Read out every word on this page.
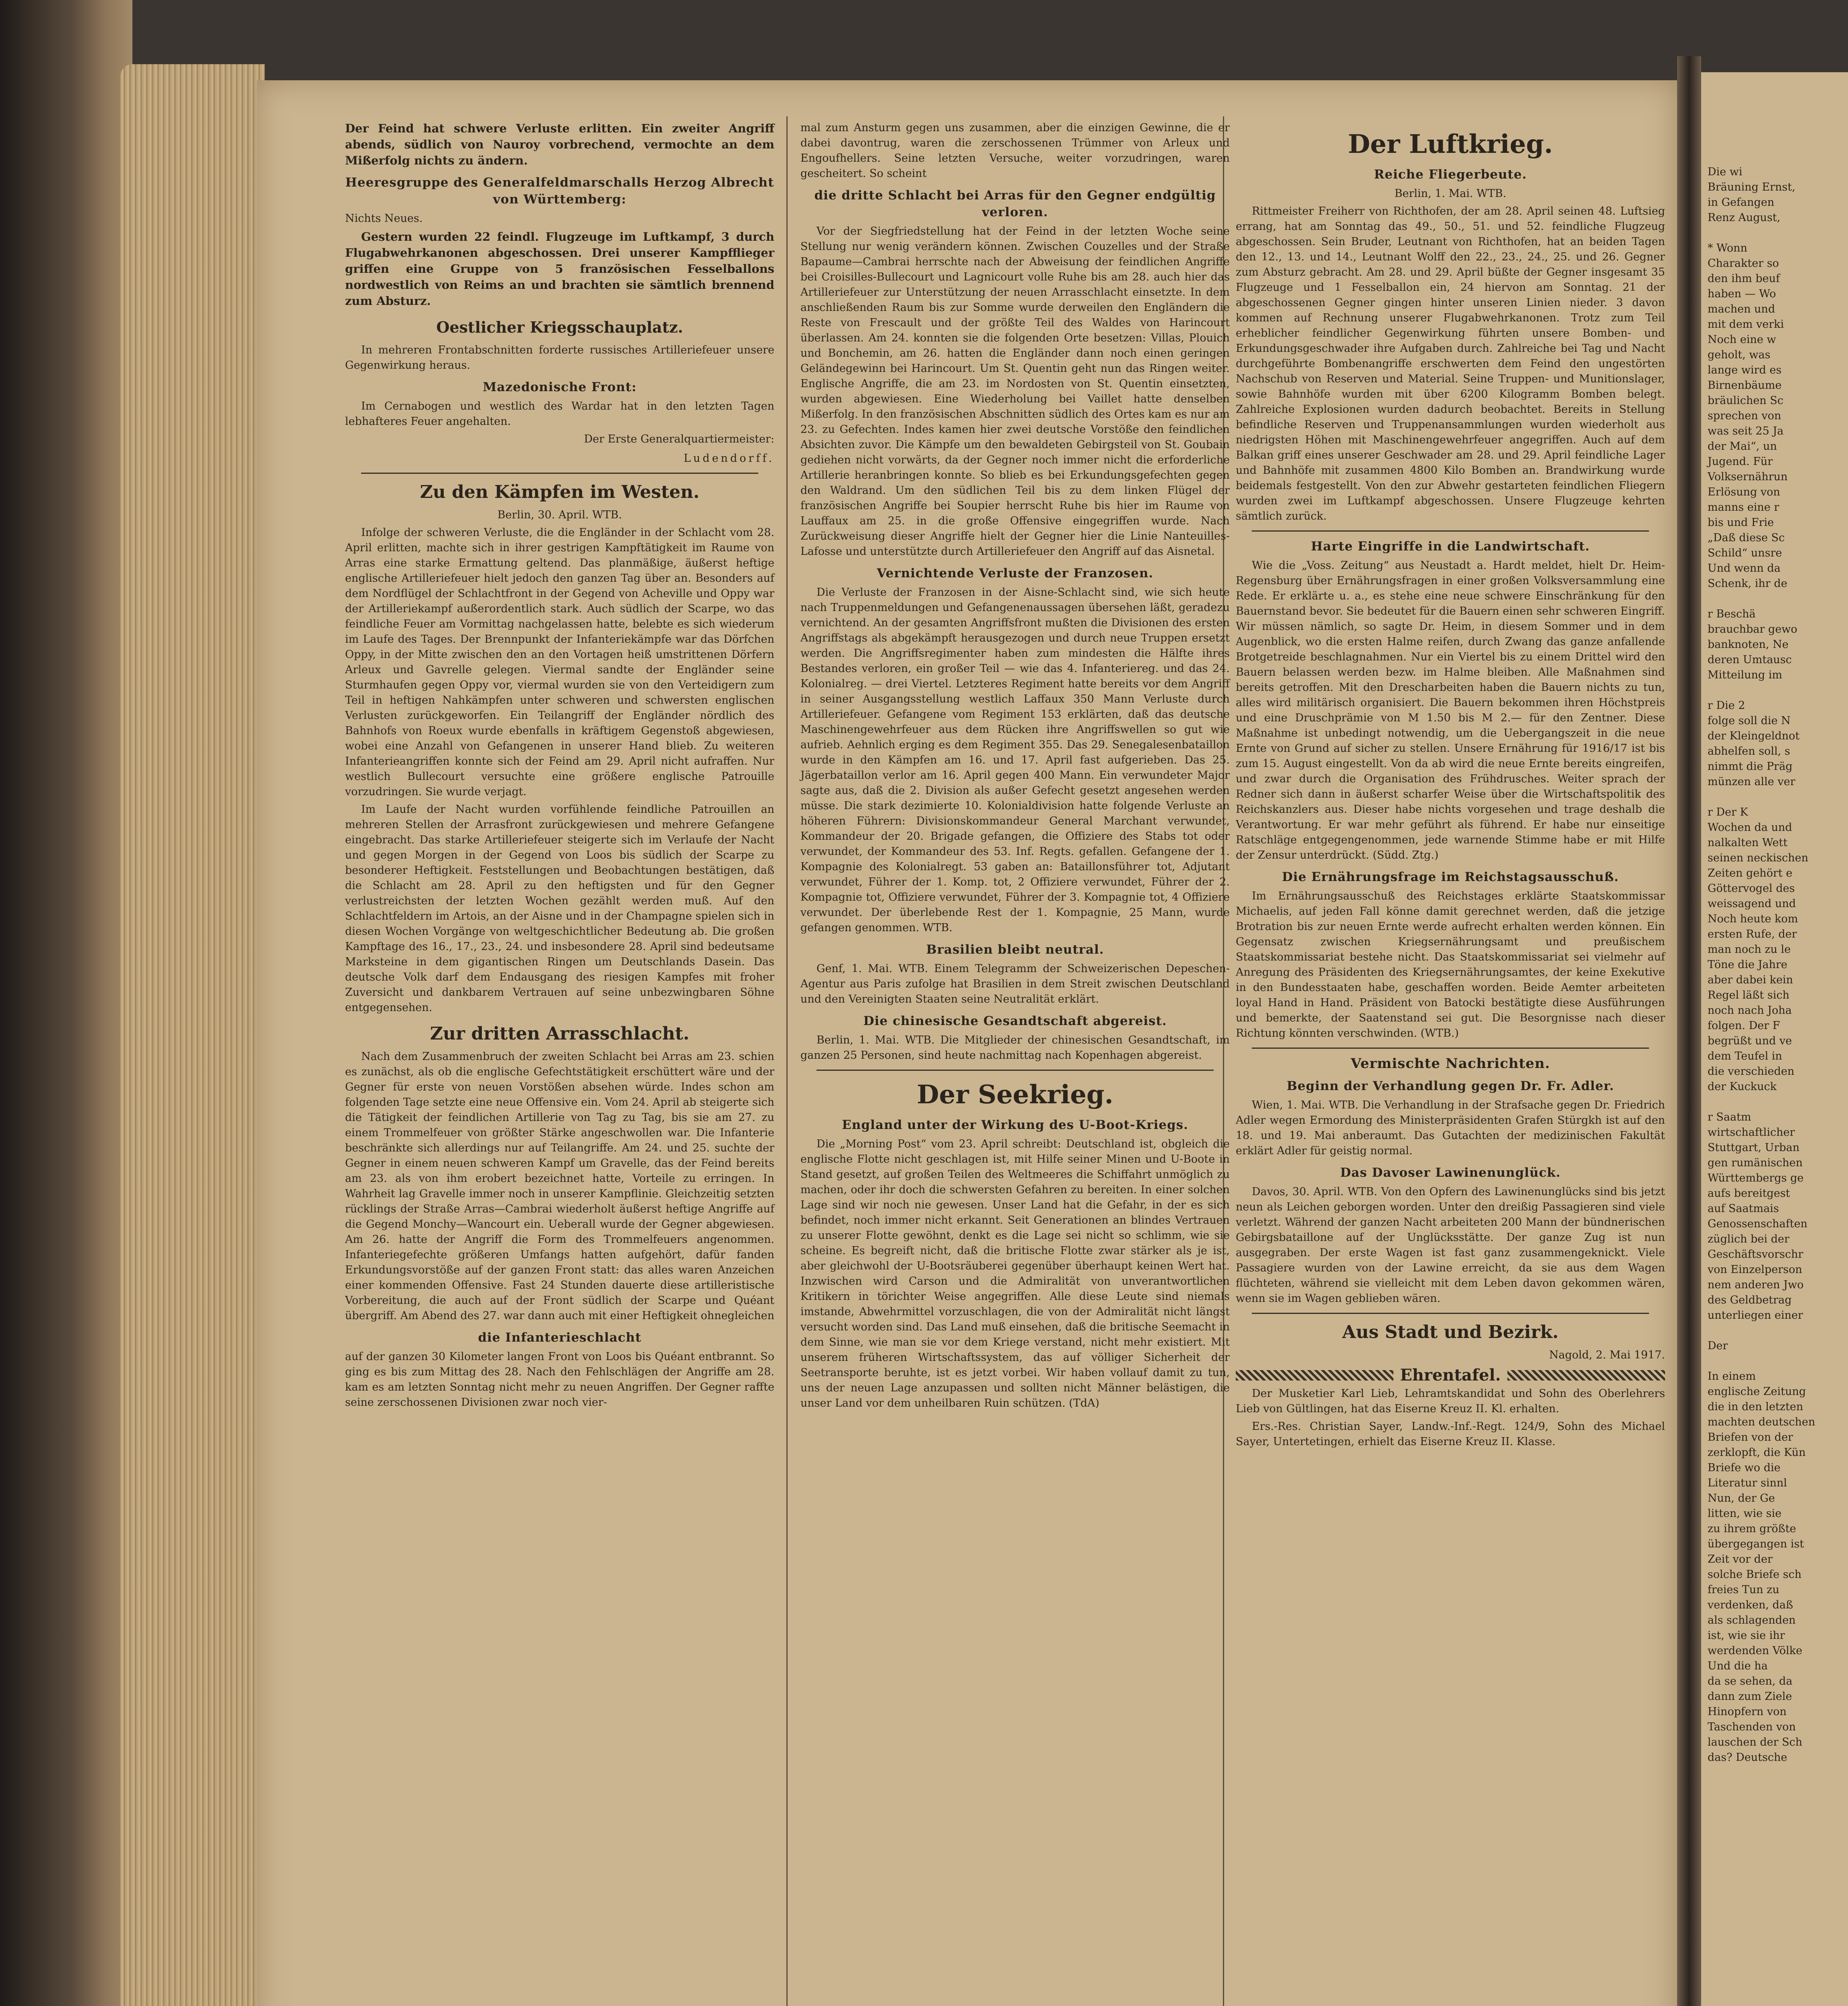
Die wi
Bräuning Ernst,
in Gefangen
Renz August,

* Wonn
Charakter so
den ihm beuf
haben — Wo
machen und
mit dem verki
Noch eine w
geholt, was
lange wird es
Birnenbäume
bräulichen Sc
sprechen von
was seit 25 Ja
der Mai“, un
Jugend. Für
Volksernährun
Erlösung von
manns eine r
bis und Frie
„Daß diese Sc
Schild“ unsre
Und wenn da
Schenk, ihr de

r Beschä
brauchbar gewo
banknoten, Ne
deren Umtausc
Mitteilung im

r Die 2
folge soll die N
der Kleingeldnot
abhelfen soll, s
nimmt die Präg
münzen alle ver

r Der K
Wochen da und
nalkalten Wett
seinen neckischen
Zeiten gehört e
Göttervogel des
weissagend und
Noch heute kom
ersten Rufe, der
man noch zu le
Töne die Jahre
aber dabei kein
Regel läßt sich
noch nach Joha
folgen. Der F
begrüßt und ve
dem Teufel in
die verschieden
der Kuckuck

r Saatm
wirtschaftlicher
Stuttgart, Urban
gen rumänischen
Württembergs ge
aufs bereitgest
auf Saatmais
Genossenschaften
züglich bei der
Geschäftsvorschr
von Einzelperson
nem anderen Jwo
des Geldbetrag
unterliegen einer

Der

In einem
englische Zeitung
die in den letzten
machten deutschen
Briefen von der
zerklopft, die Kün
Briefe wo die
Literatur sinnl
Nun, der Ge
litten, wie sie
zu ihrem größte
übergegangen ist
Zeit vor der
solche Briefe sch
freies Tun zu
verdenken, daß
als schlagenden
ist, wie sie ihr
werdenden Völke
Und die ha
da se sehen, da
dann zum Ziele
Hinopfern von
Taschenden von
lauschen der Sch
das? Deutsche

Der Feind hat schwere Verluste erlitten. Ein zweiter Angriff abends, südlich von Nauroy vorbrechend, vermochte an dem Mißerfolg nichts zu ändern.

Heeresgruppe des Generalfeldmarschalls Herzog Albrecht von Württemberg:

Nichts Neues.

Gestern wurden 22 feindl. Flugzeuge im Luftkampf, 3 durch Flugabwehrkanonen abgeschossen. Drei unserer Kampfflieger griffen eine Gruppe von 5 französischen Fesselballons nordwestlich von Reims an und brachten sie sämtlich brennend zum Absturz.

Oestlicher Kriegsschauplatz.

In mehreren Frontabschnitten forderte russisches Artilleriefeuer unsere Gegenwirkung heraus.

Mazedonische Front:

Im Cernabogen und westlich des Wardar hat in den letzten Tagen lebhafteres Feuer angehalten.

Der Erste Generalquartiermeister:
Ludendorff.
Zu den Kämpfen im Westen.
Berlin, 30. April. WTB.

Infolge der schweren Verluste, die die Engländer in der Schlacht vom 28. April erlitten, machte sich in ihrer gestrigen Kampftätigkeit im Raume von Arras eine starke Ermattung geltend. Das planmäßige, äußerst heftige englische Artilleriefeuer hielt jedoch den ganzen Tag über an. Besonders auf dem Nordflügel der Schlachtfront in der Gegend von Acheville und Oppy war der Artilleriekampf außerordentlich stark. Auch südlich der Scarpe, wo das feindliche Feuer am Vormittag nachgelassen hatte, belebte es sich wiederum im Laufe des Tages. Der Brennpunkt der Infanteriekämpfe war das Dörfchen Oppy, in der Mitte zwischen den an den Vortagen heiß umstrittenen Dörfern Arleux und Gavrelle gelegen. Viermal sandte der Engländer seine Sturmhaufen gegen Oppy vor, viermal wurden sie von den Verteidigern zum Teil in heftigen Nahkämpfen unter schweren und schwersten englischen Verlusten zurückgeworfen. Ein Teilangriff der Engländer nördlich des Bahnhofs von Roeux wurde ebenfalls in kräftigem Gegenstoß abgewiesen, wobei eine Anzahl von Gefangenen in unserer Hand blieb. Zu weiteren Infanterieangriffen konnte sich der Feind am 29. April nicht aufraffen. Nur westlich Bullecourt versuchte eine größere englische Patrouille vorzudringen. Sie wurde verjagt.

Im Laufe der Nacht wurden vorfühlende feindliche Patrouillen an mehreren Stellen der Arrasfront zurückgewiesen und mehrere Gefangene eingebracht. Das starke Artilleriefeuer steigerte sich im Verlaufe der Nacht und gegen Morgen in der Gegend von Loos bis südlich der Scarpe zu besonderer Heftigkeit. Feststellungen und Beobachtungen bestätigen, daß die Schlacht am 28. April zu den heftigsten und für den Gegner verlustreichsten der letzten Wochen gezählt werden muß. Auf den Schlachtfeldern im Artois, an der Aisne und in der Champagne spielen sich in diesen Wochen Vorgänge von weltgeschichtlicher Bedeutung ab. Die großen Kampftage des 16., 17., 23., 24. und insbesondere 28. April sind bedeutsame Marksteine in dem gigantischen Ringen um Deutschlands Dasein. Das deutsche Volk darf dem Endausgang des riesigen Kampfes mit froher Zuversicht und dankbarem Vertrauen auf seine unbezwingbaren Söhne entgegensehen.

Zur dritten Arrasschlacht.

Nach dem Zusammenbruch der zweiten Schlacht bei Arras am 23. schien es zunächst, als ob die englische Gefechtstätigkeit erschüttert wäre und der Gegner für erste von neuen Vorstößen absehen würde. Indes schon am folgenden Tage setzte eine neue Offensive ein. Vom 24. April ab steigerte sich die Tätigkeit der feindlichen Artillerie von Tag zu Tag, bis sie am 27. zu einem Trommelfeuer von größter Stärke angeschwollen war. Die Infanterie beschränkte sich allerdings nur auf Teilangriffe. Am 24. und 25. suchte der Gegner in einem neuen schweren Kampf um Gravelle, das der Feind bereits am 23. als von ihm erobert bezeichnet hatte, Vorteile zu erringen. In Wahrheit lag Gravelle immer noch in unserer Kampflinie. Gleichzeitig setzten rücklings der Straße Arras—Cambrai wiederholt äußerst heftige Angriffe auf die Gegend Monchy—Wancourt ein. Ueberall wurde der Gegner abgewiesen. Am 26. hatte der Angriff die Form des Trommelfeuers angenommen. Infanteriegefechte größeren Umfangs hatten aufgehört, dafür fanden Erkundungsvorstöße auf der ganzen Front statt: das alles waren Anzeichen einer kommenden Offensive. Fast 24 Stunden dauerte diese artilleristische Vorbereitung, die auch auf der Front südlich der Scarpe und Quéant übergriff. Am Abend des 27. war dann auch mit einer Heftigkeit ohnegleichen

die Infanterieschlacht

auf der ganzen 30 Kilometer langen Front von Loos bis Quéant entbrannt. So ging es bis zum Mittag des 28. Nach den Fehlschlägen der Angriffe am 28. kam es am letzten Sonntag nicht mehr zu neuen Angriffen. Der Gegner raffte seine zerschossenen Divisionen zwar noch vier-

mal zum Ansturm gegen uns zusammen, aber die einzigen Gewinne, die er dabei davontrug, waren die zerschossenen Trümmer von Arleux und Engoufhellers. Seine letzten Versuche, weiter vorzudringen, waren gescheitert. So scheint

die dritte Schlacht bei Arras für den Gegner endgültig verloren.

Vor der Siegfriedstellung hat der Feind in der letzten Woche seine Stellung nur wenig verändern können. Zwischen Couzelles und der Straße Bapaume—Cambrai herrschte nach der Abweisung der feindlichen Angriffe bei Croisilles-Bullecourt und Lagnicourt volle Ruhe bis am 28. auch hier das Artilleriefeuer zur Unterstützung der neuen Arrasschlacht einsetzte. In dem anschließenden Raum bis zur Somme wurde derweilen den Engländern die Reste von Frescault und der größte Teil des Waldes von Harincourt überlassen. Am 24. konnten sie die folgenden Orte besetzen: Villas, Plouich und Bonchemin, am 26. hatten die Engländer dann noch einen geringen Geländegewinn bei Harincourt. Um St. Quentin geht nun das Ringen weiter. Englische Angriffe, die am 23. im Nordosten von St. Quentin einsetzten, wurden abgewiesen. Eine Wiederholung bei Vaillet hatte denselben Mißerfolg. In den französischen Abschnitten südlich des Ortes kam es nur am 23. zu Gefechten. Indes kamen hier zwei deutsche Vorstöße den feindlichen Absichten zuvor. Die Kämpfe um den bewaldeten Gebirgsteil von St. Goubain gediehen nicht vorwärts, da der Gegner noch immer nicht die erforderliche Artillerie heranbringen konnte. So blieb es bei Erkundungsgefechten gegen den Waldrand. Um den südlichen Teil bis zu dem linken Flügel der französischen Angriffe bei Soupier herrscht Ruhe bis hier im Raume von Lauffaux am 25. in die große Offensive eingegriffen wurde. Nach Zurückweisung dieser Angriffe hielt der Gegner hier die Linie Nanteuilles-Lafosse und unterstützte durch Artilleriefeuer den Angriff auf das Aisnetal.

Vernichtende Verluste der Franzosen.

Die Verluste der Franzosen in der Aisne-Schlacht sind, wie sich heute nach Truppenmeldungen und Gefangenenaussagen übersehen läßt, geradezu vernichtend. An der gesamten Angriffsfront mußten die Divisionen des ersten Angriffstags als abgekämpft herausgezogen und durch neue Truppen ersetzt werden. Die Angriffsregimenter haben zum mindesten die Hälfte ihres Bestandes verloren, ein großer Teil — wie das 4. Infanteriereg. und das 24. Kolonialreg. — drei Viertel. Letzteres Regiment hatte bereits vor dem Angriff in seiner Ausgangsstellung westlich Laffaux 350 Mann Verluste durch Artilleriefeuer. Gefangene vom Regiment 153 erklärten, daß das deutsche Maschinengewehrfeuer aus dem Rücken ihre Angriffswellen so gut wie aufrieb. Aehnlich erging es dem Regiment 355. Das 29. Senegalesenbataillon wurde in den Kämpfen am 16. und 17. April fast aufgerieben. Das 25. Jägerbataillon verlor am 16. April gegen 400 Mann. Ein verwundeter Major sagte aus, daß die 2. Division als außer Gefecht gesetzt angesehen werden müsse. Die stark dezimierte 10. Kolonialdivision hatte folgende Verluste an höheren Führern: Divisionskommandeur General Marchant verwundet, Kommandeur der 20. Brigade gefangen, die Offiziere des Stabs tot oder verwundet, der Kommandeur des 53. Inf. Regts. gefallen. Gefangene der 1. Kompagnie des Kolonialregt. 53 gaben an: Bataillonsführer tot, Adjutant verwundet, Führer der 1. Komp. tot, 2 Offiziere verwundet, Führer der 2. Kompagnie tot, Offiziere verwundet, Führer der 3. Kompagnie tot, 4 Offiziere verwundet. Der überlebende Rest der 1. Kompagnie, 25 Mann, wurde gefangen genommen. WTB.

Brasilien bleibt neutral.

Genf, 1. Mai. WTB. Einem Telegramm der Schweizerischen Depeschen-Agentur aus Paris zufolge hat Brasilien in dem Streit zwischen Deutschland und den Vereinigten Staaten seine Neutralität erklärt.

Die chinesische Gesandtschaft abgereist.

Berlin, 1. Mai. WTB. Die Mitglieder der chinesischen Gesandtschaft, im ganzen 25 Personen, sind heute nachmittag nach Kopenhagen abgereist.

Der Seekrieg.
England unter der Wirkung des U-Boot-Kriegs.

Die „Morning Post“ vom 23. April schreibt: Deutschland ist, obgleich die englische Flotte nicht geschlagen ist, mit Hilfe seiner Minen und U-Boote in Stand gesetzt, auf großen Teilen des Weltmeeres die Schiffahrt unmöglich zu machen, oder ihr doch die schwersten Gefahren zu bereiten. In einer solchen Lage sind wir noch nie gewesen. Unser Land hat die Gefahr, in der es sich befindet, noch immer nicht erkannt. Seit Generationen an blindes Vertrauen zu unserer Flotte gewöhnt, denkt es die Lage sei nicht so schlimm, wie sie scheine. Es begreift nicht, daß die britische Flotte zwar stärker als je ist, aber gleichwohl der U-Bootsräuberei gegenüber überhaupt keinen Wert hat. Inzwischen wird Carson und die Admiralität von unverantwortlichen Kritikern in törichter Weise angegriffen. Alle diese Leute sind niemals imstande, Abwehrmittel vorzuschlagen, die von der Admiralität nicht längst versucht worden sind. Das Land muß einsehen, daß die britische Seemacht in dem Sinne, wie man sie vor dem Kriege verstand, nicht mehr existiert. Mit unserem früheren Wirtschaftssystem, das auf völliger Sicherheit der Seetransporte beruhte, ist es jetzt vorbei. Wir haben vollauf damit zu tun, uns der neuen Lage anzupassen und sollten nicht Männer belästigen, die unser Land vor dem unheilbaren Ruin schützen. (TdA)

Der Luftkrieg.
Reiche Fliegerbeute.
Berlin, 1. Mai. WTB.

Rittmeister Freiherr von Richthofen, der am 28. April seinen 48. Luftsieg errang, hat am Sonntag das 49., 50., 51. und 52. feindliche Flugzeug abgeschossen. Sein Bruder, Leutnant von Richthofen, hat an beiden Tagen den 12., 13. und 14., Leutnant Wolff den 22., 23., 24., 25. und 26. Gegner zum Absturz gebracht. Am 28. und 29. April büßte der Gegner insgesamt 35 Flugzeuge und 1 Fesselballon ein, 24 hiervon am Sonntag. 21 der abgeschossenen Gegner gingen hinter unseren Linien nieder. 3 davon kommen auf Rechnung unserer Flugabwehrkanonen. Trotz zum Teil erheblicher feindlicher Gegenwirkung führten unsere Bomben- und Erkundungsgeschwader ihre Aufgaben durch. Zahlreiche bei Tag und Nacht durchgeführte Bombenangriffe erschwerten dem Feind den ungestörten Nachschub von Reserven und Material. Seine Truppen- und Munitionslager, sowie Bahnhöfe wurden mit über 6200 Kilogramm Bomben belegt. Zahlreiche Explosionen wurden dadurch beobachtet. Bereits in Stellung befindliche Reserven und Truppenansammlungen wurden wiederholt aus niedrigsten Höhen mit Maschinengewehrfeuer angegriffen. Auch auf dem Balkan griff eines unserer Geschwader am 28. und 29. April feindliche Lager und Bahnhöfe mit zusammen 4800 Kilo Bomben an. Brandwirkung wurde beidemals festgestellt. Von den zur Abwehr gestarteten feindlichen Fliegern wurden zwei im Luftkampf abgeschossen. Unsere Flugzeuge kehrten sämtlich zurück.

Harte Eingriffe in die Landwirtschaft.

Wie die „Voss. Zeitung“ aus Neustadt a. Hardt meldet, hielt Dr. Heim-Regensburg über Ernährungsfragen in einer großen Volksversammlung eine Rede. Er erklärte u. a., es stehe eine neue schwere Einschränkung für den Bauernstand bevor. Sie bedeutet für die Bauern einen sehr schweren Eingriff. Wir müssen nämlich, so sagte Dr. Heim, in diesem Sommer und in dem Augenblick, wo die ersten Halme reifen, durch Zwang das ganze anfallende Brotgetreide beschlagnahmen. Nur ein Viertel bis zu einem Drittel wird den Bauern belassen werden bezw. im Halme bleiben. Alle Maßnahmen sind bereits getroffen. Mit den Drescharbeiten haben die Bauern nichts zu tun, alles wird militärisch organisiert. Die Bauern bekommen ihren Höchstpreis und eine Druschprämie von M 1.50 bis M 2.— für den Zentner. Diese Maßnahme ist unbedingt notwendig, um die Uebergangszeit in die neue Ernte von Grund auf sicher zu stellen. Unsere Ernährung für 1916/17 ist bis zum 15. August eingestellt. Von da ab wird die neue Ernte bereits eingreifen, und zwar durch die Organisation des Frühdrusches. Weiter sprach der Redner sich dann in äußerst scharfer Weise über die Wirtschaftspolitik des Reichskanzlers aus. Dieser habe nichts vorgesehen und trage deshalb die Verantwortung. Er war mehr geführt als führend. Er habe nur einseitige Ratschläge entgegengenommen, jede warnende Stimme habe er mit Hilfe der Zensur unterdrückt. (Südd. Ztg.)

Die Ernährungsfrage im Reichstagsausschuß.

Im Ernährungsausschuß des Reichstages erklärte Staatskommissar Michaelis, auf jeden Fall könne damit gerechnet werden, daß die jetzige Brotration bis zur neuen Ernte werde aufrecht erhalten werden können. Ein Gegensatz zwischen Kriegsernährungsamt und preußischem Staatskommissariat bestehe nicht. Das Staatskommissariat sei vielmehr auf Anregung des Präsidenten des Kriegsernährungsamtes, der keine Exekutive in den Bundesstaaten habe, geschaffen worden. Beide Aemter arbeiteten loyal Hand in Hand. Präsident von Batocki bestätigte diese Ausführungen und bemerkte, der Saatenstand sei gut. Die Besorgnisse nach dieser Richtung könnten verschwinden. (WTB.)

Vermischte Nachrichten.
Beginn der Verhandlung gegen Dr. Fr. Adler.

Wien, 1. Mai. WTB. Die Verhandlung in der Strafsache gegen Dr. Friedrich Adler wegen Ermordung des Ministerpräsidenten Grafen Stürgkh ist auf den 18. und 19. Mai anberaumt. Das Gutachten der medizinischen Fakultät erklärt Adler für geistig normal.

Das Davoser Lawinenunglück.

Davos, 30. April. WTB. Von den Opfern des Lawinenunglücks sind bis jetzt neun als Leichen geborgen worden. Unter den dreißig Passagieren sind viele verletzt. Während der ganzen Nacht arbeiteten 200 Mann der bündnerischen Gebirgsbataillone auf der Unglücksstätte. Der ganze Zug ist nun ausgegraben. Der erste Wagen ist fast ganz zusammengeknickt. Viele Passagiere wurden von der Lawine erreicht, da sie aus dem Wagen flüchteten, während sie vielleicht mit dem Leben davon gekommen wären, wenn sie im Wagen geblieben wären.

Aus Stadt und Bezirk.
Nagold, 2. Mai 1917.
Ehrentafel.

Der Musketier Karl Lieb, Lehramtskandidat und Sohn des Oberlehrers Lieb von Gültlingen, hat das Eiserne Kreuz II. Kl. erhalten.

Ers.-Res. Christian Sayer, Landw.-Inf.-Regt. 124/9, Sohn des Michael Sayer, Untertetingen, erhielt das Eiserne Kreuz II. Klasse.
